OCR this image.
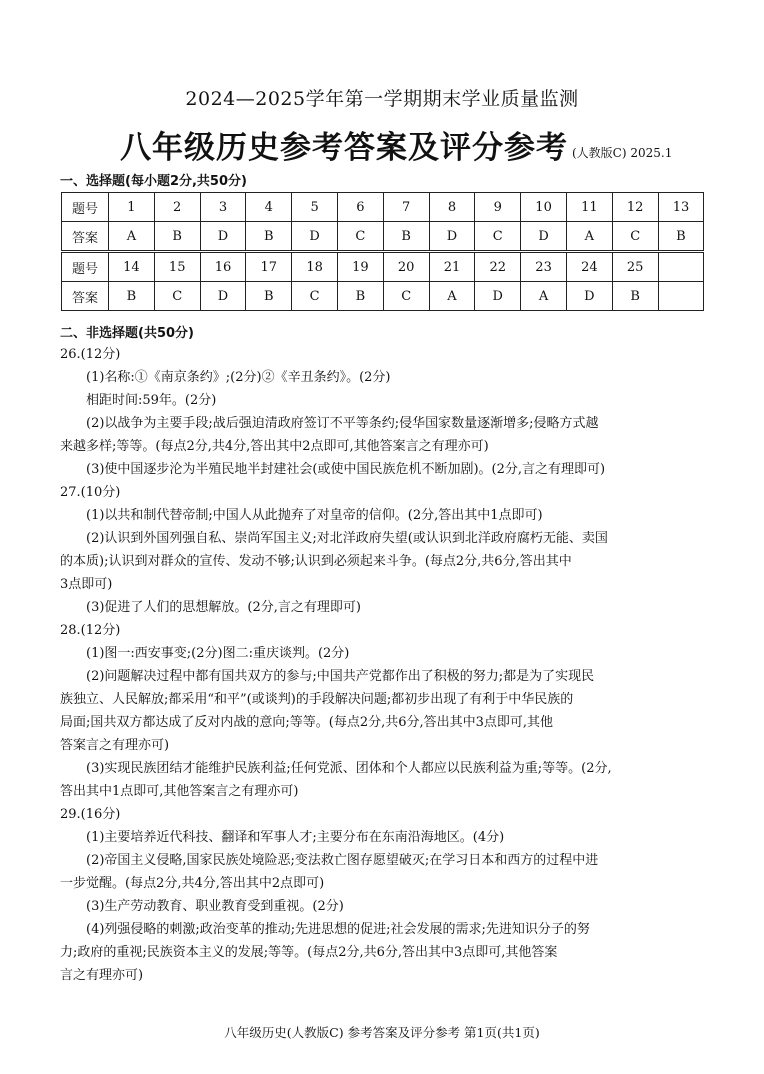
2024—2025学年第一学期期末学业质量监测
八年级历史参考答案及评分参考 (人教版C) 2025.1
一、选择题(每小题2分,共50分)
题号	1	2	3	4	5	6	7	8	9	10	11	12	13
答案	A	B	D	B	D	C	B	D	C	D	A	C	B

题号	14	15	16	17	18	19	20	21	22	23	24	25	
答案	B	C	D	B	C	B	C	A	D	A	D	B	
二、非选择题(共50分)

26.(12分)

(1)名称:①《南京条约》;(2分)②《辛丑条约》。(2分)

相距时间:59年。(2分)

(2)以战争为主要手段;战后强迫清政府签订不平等条约;侵华国家数量逐渐增多;侵略方式越

来越多样;等等。(每点2分,共4分,答出其中2点即可,其他答案言之有理亦可)

(3)使中国逐步沦为半殖民地半封建社会(或使中国民族危机不断加剧)。(2分,言之有理即可)

27.(10分)

(1)以共和制代替帝制;中国人从此抛弃了对皇帝的信仰。(2分,答出其中1点即可)

(2)认识到外国列强自私、崇尚军国主义;对北洋政府失望(或认识到北洋政府腐朽无能、卖国

的本质);认识到对群众的宣传、发动不够;认识到必须起来斗争。(每点2分,共6分,答出其中

3点即可)

(3)促进了人们的思想解放。(2分,言之有理即可)

28.(12分)

(1)图一:西安事变;(2分)图二:重庆谈判。(2分)

(2)问题解决过程中都有国共双方的参与;中国共产党都作出了积极的努力;都是为了实现民

族独立、人民解放;都采用“和平”(或谈判)的手段解决问题;都初步出现了有利于中华民族的

局面;国共双方都达成了反对内战的意向;等等。(每点2分,共6分,答出其中3点即可,其他

答案言之有理亦可)

(3)实现民族团结才能维护民族利益;任何党派、团体和个人都应以民族利益为重;等等。(2分,

答出其中1点即可,其他答案言之有理亦可)

29.(16分)

(1)主要培养近代科技、翻译和军事人才;主要分布在东南沿海地区。(4分)

(2)帝国主义侵略,国家民族处境险恶;变法救亡图存愿望破灭;在学习日本和西方的过程中进

一步觉醒。(每点2分,共4分,答出其中2点即可)

(3)生产劳动教育、职业教育受到重视。(2分)

(4)列强侵略的刺激;政治变革的推动;先进思想的促进;社会发展的需求;先进知识分子的努

力;政府的重视;民族资本主义的发展;等等。(每点2分,共6分,答出其中3点即可,其他答案

言之有理亦可)

八年级历史(人教版C) 参考答案及评分参考 第1页(共1页)
